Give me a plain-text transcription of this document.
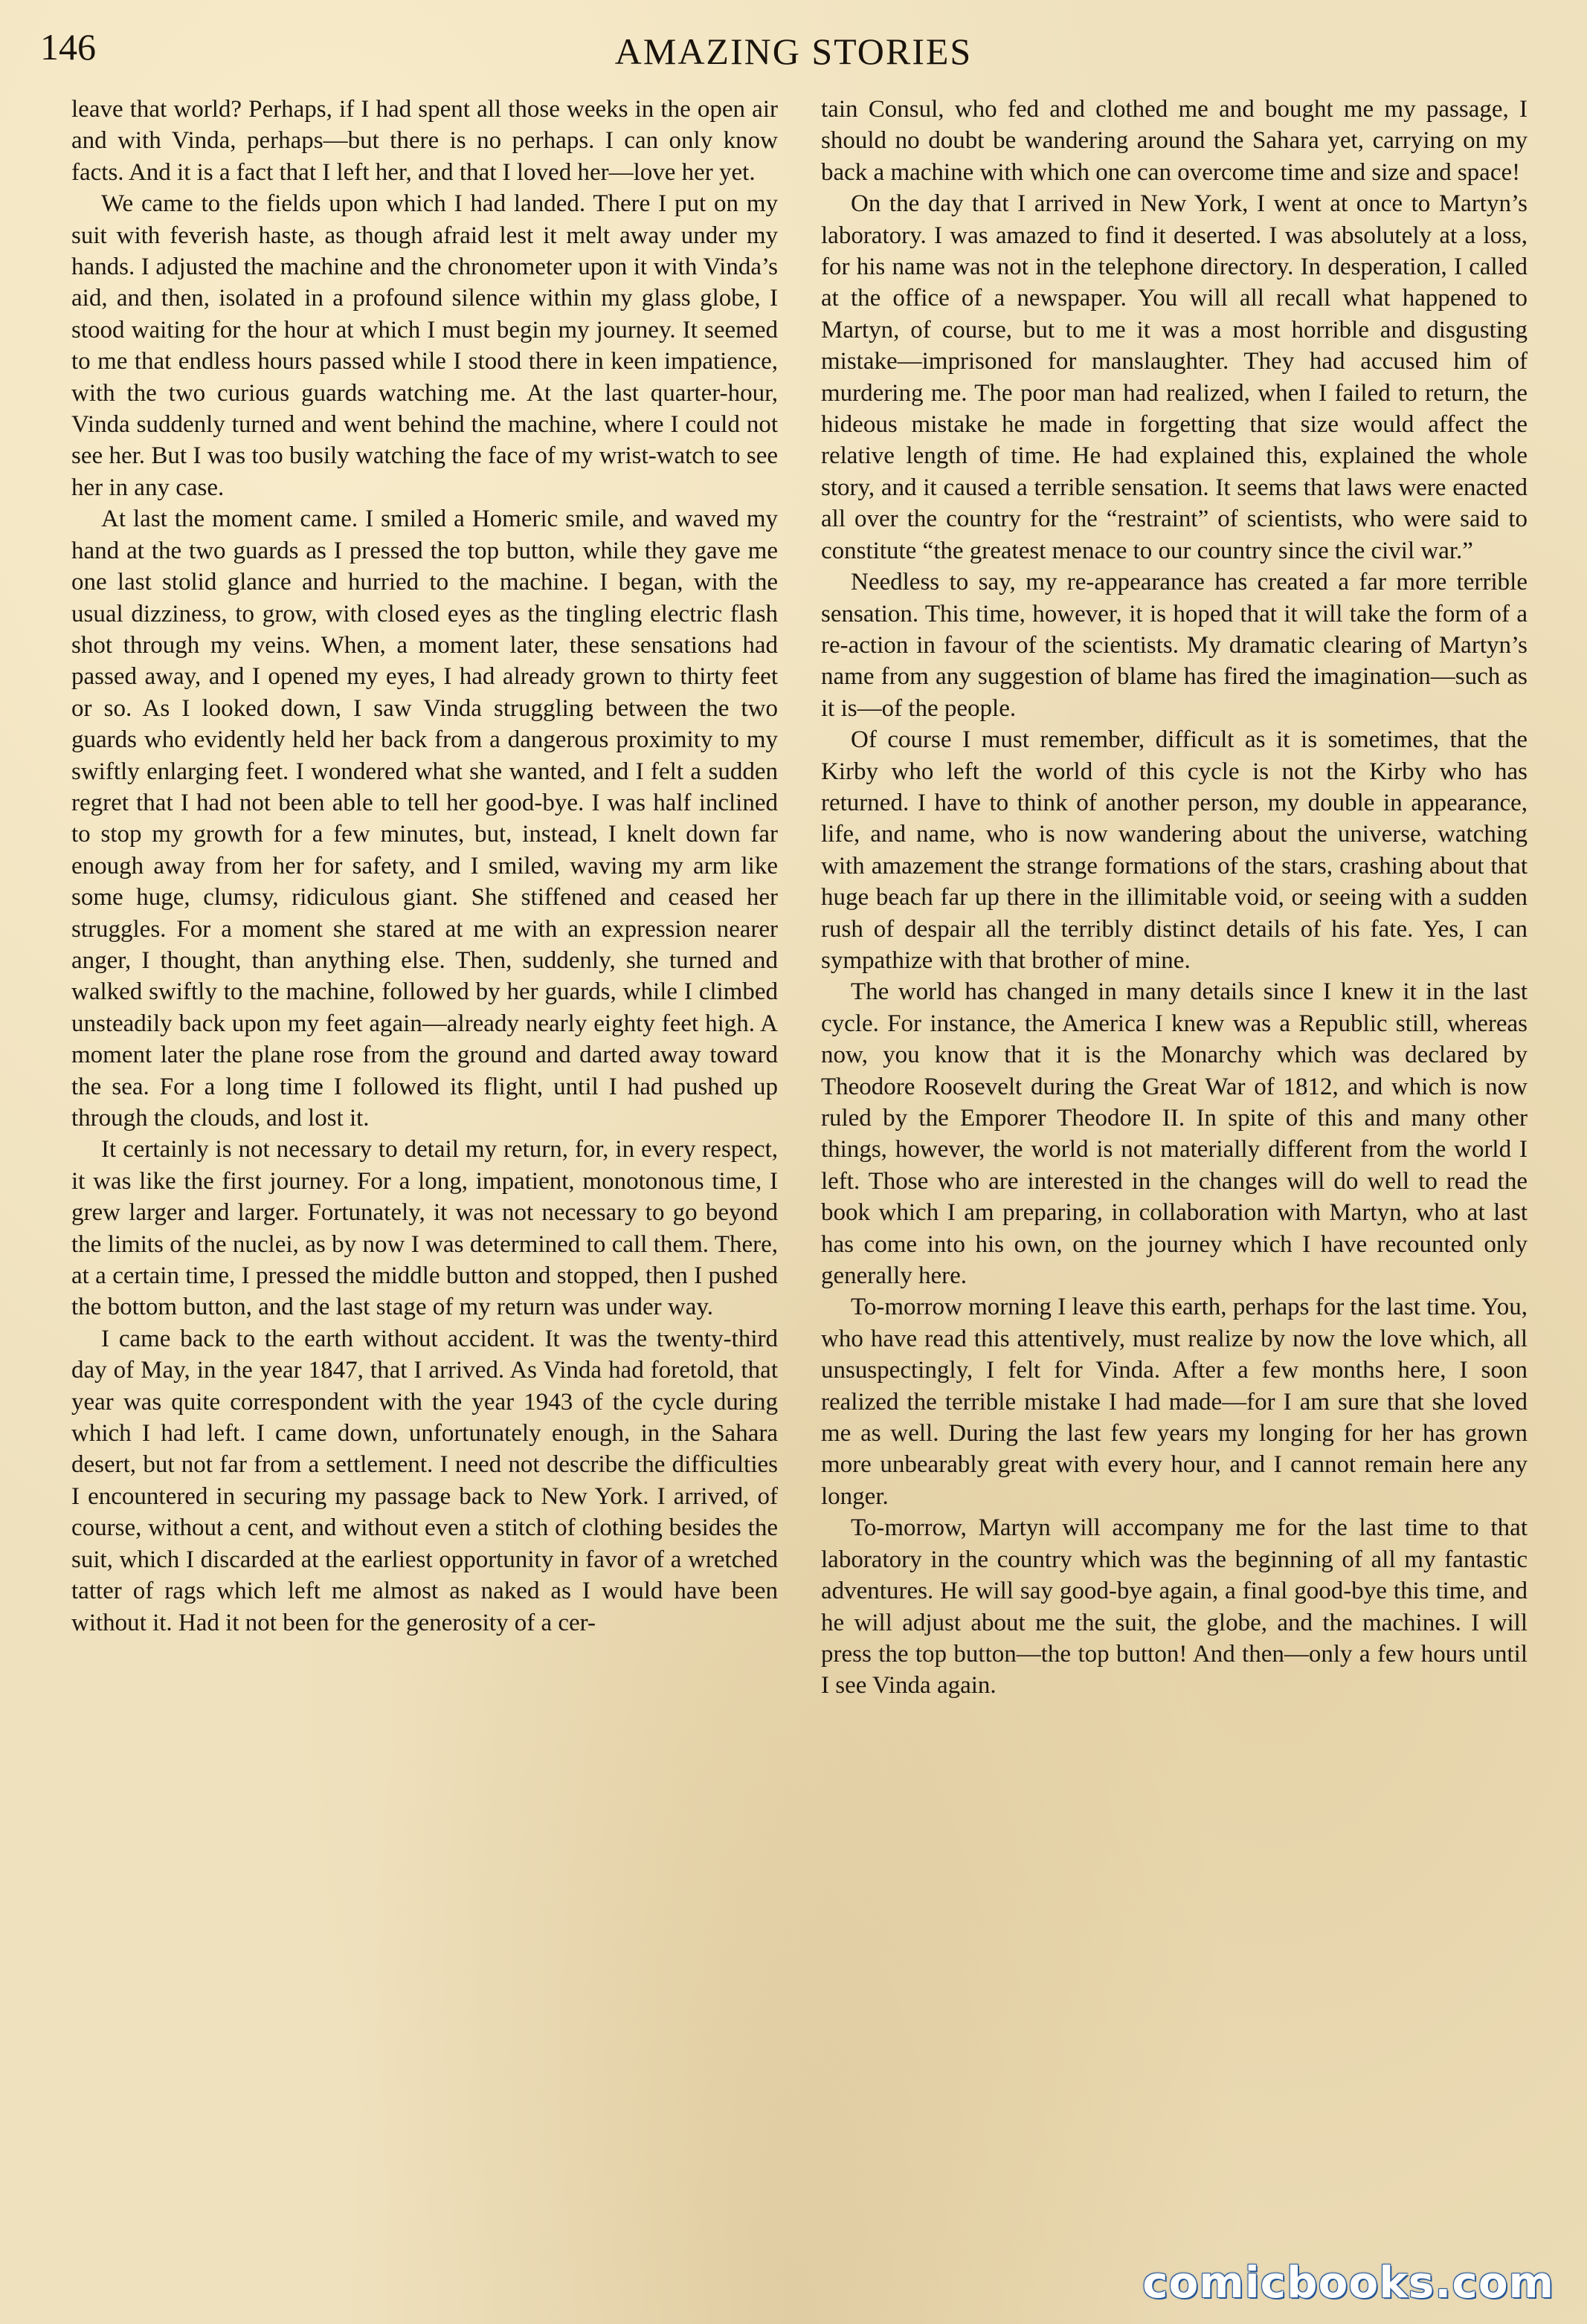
146	AMAZING STORIES

leave that world? Perhaps, if I had spent all those weeks in the open air and with Vinda, perhaps—but there is no perhaps. I can only know facts. And it is a fact that I left her, and that I loved her—love her yet.

We came to the fields upon which I had landed. There I put on my suit with feverish haste, as though afraid lest it melt away under my hands. I adjusted the machine and the chronometer upon it with Vinda’s aid, and then, isolated in a profound silence within my glass globe, I stood waiting for the hour at which I must begin my journey. It seemed to me that endless hours passed while I stood there in keen impatience, with the two curious guards watching me. At the last quarter-hour, Vinda suddenly turned and went behind the machine, where I could not see her. But I was too busily watching the face of my wrist-watch to see her in any case.

At last the moment came. I smiled a Homeric smile, and waved my hand at the two guards as I pressed the top button, while they gave me one last stolid glance and hurried to the machine. I began, with the usual dizziness, to grow, with closed eyes as the tingling electric flash shot through my veins. When, a moment later, these sensations had passed away, and I opened my eyes, I had already grown to thirty feet or so. As I looked down, I saw Vinda struggling between the two guards who evidently held her back from a dangerous proximity to my swiftly enlarging feet. I wondered what she wanted, and I felt a sudden regret that I had not been able to tell her good-bye. I was half inclined to stop my growth for a few minutes, but, instead, I knelt down far enough away from her for safety, and I smiled, waving my arm like some huge, clumsy, ridiculous giant. She stiffened and ceased her struggles. For a moment she stared at me with an expression nearer anger, I thought, than anything else. Then, suddenly, she turned and walked swiftly to the machine, followed by her guards, while I climbed unsteadily back upon my feet again—already nearly eighty feet high. A moment later the plane rose from the ground and darted away toward the sea. For a long time I followed its flight, until I had pushed up through the clouds, and lost it.

It certainly is not necessary to detail my return, for, in every respect, it was like the first journey. For a long, impatient, monotonous time, I grew larger and larger. Fortunately, it was not necessary to go beyond the limits of the nuclei, as by now I was determined to call them. There, at a certain time, I pressed the middle button and stopped, then I pushed the bottom button, and the last stage of my return was under way.

I came back to the earth without accident. It was the twenty-third day of May, in the year 1847, that I arrived. As Vinda had foretold, that year was quite correspondent with the year 1943 of the cycle during which I had left. I came down, unfortunately enough, in the Sahara desert, but not far from a settlement. I need not describe the difficulties I encountered in securing my passage back to New York. I arrived, of course, without a cent, and without even a stitch of clothing besides the suit, which I discarded at the earliest opportunity in favor of a wretched tatter of rags which left me almost as naked as I would have been without it. Had it not been for the generosity of a cer-

tain Consul, who fed and clothed me and bought me my passage, I should no doubt be wandering around the Sahara yet, carrying on my back a machine with which one can overcome time and size and space!

On the day that I arrived in New York, I went at once to Martyn’s laboratory. I was amazed to find it deserted. I was absolutely at a loss, for his name was not in the telephone directory. In desperation, I called at the office of a newspaper. You will all recall what happened to Martyn, of course, but to me it was a most horrible and disgusting mistake—imprisoned for manslaughter. They had accused him of murdering me. The poor man had realized, when I failed to return, the hideous mistake he made in forgetting that size would affect the relative length of time. He had explained this, explained the whole story, and it caused a terrible sensation. It seems that laws were enacted all over the country for the “restraint” of scientists, who were said to constitute “the greatest menace to our country since the civil war.”

Needless to say, my re-appearance has created a far more terrible sensation. This time, however, it is hoped that it will take the form of a re-action in favour of the scientists. My dramatic clearing of Martyn’s name from any suggestion of blame has fired the imagination—such as it is—of the people.

Of course I must remember, difficult as it is sometimes, that the Kirby who left the world of this cycle is not the Kirby who has returned. I have to think of another person, my double in appearance, life, and name, who is now wandering about the universe, watching with amazement the strange formations of the stars, crashing about that huge beach far up there in the illimitable void, or seeing with a sudden rush of despair all the terribly distinct details of his fate. Yes, I can sympathize with that brother of mine.

The world has changed in many details since I knew it in the last cycle. For instance, the America I knew was a Republic still, whereas now, you know that it is the Monarchy which was declared by Theodore Roosevelt during the Great War of 1812, and which is now ruled by the Emporer Theodore II. In spite of this and many other things, however, the world is not materially different from the world I left. Those who are interested in the changes will do well to read the book which I am preparing, in collaboration with Martyn, who at last has come into his own, on the journey which I have recounted only generally here.

To-morrow morning I leave this earth, perhaps for the last time. You, who have read this attentively, must realize by now the love which, all unsuspectingly, I felt for Vinda. After a few months here, I soon realized the terrible mistake I had made—for I am sure that she loved me as well. During the last few years my longing for her has grown more unbearably great with every hour, and I cannot remain here any longer.

To-morrow, Martyn will accompany me for the last time to that laboratory in the country which was the beginning of all my fantastic adventures. He will say good-bye again, a final good-bye this time, and he will adjust about me the suit, the globe, and the machines. I will press the top button—the top button! And then—only a few hours until I see Vinda again.

comicbooks.com
